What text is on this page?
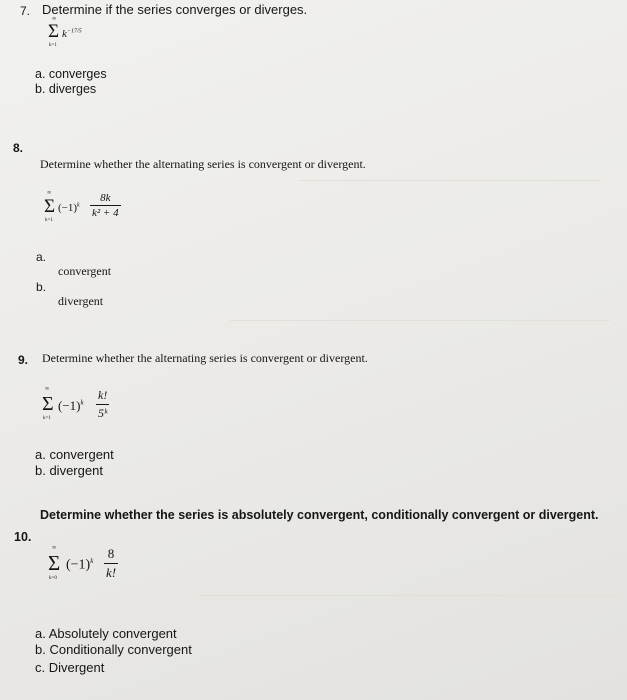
7. Determine if the series converges or diverges.
∞
Σ
k=1
$k^{-17/5}$
a. converges
b. diverges
8.
Determine whether the alternating series is convergent or divergent.
∞
Σ
k=1
$(-1)^k$
8k
k² + 4
a.
convergent
b.
divergent
9. Determine whether the alternating series is convergent or divergent.
∞
Σ
k=1
$(-1)^k$
k!
5ᵏ
a. convergent
b. divergent
10.
Determine whether the series is absolutely convergent, conditionally convergent or divergent.
∞
Σ
k=0
$(-1)^k$ 8
k!
a. Absolutely convergent
b. Conditionally convergent
c. Divergent
